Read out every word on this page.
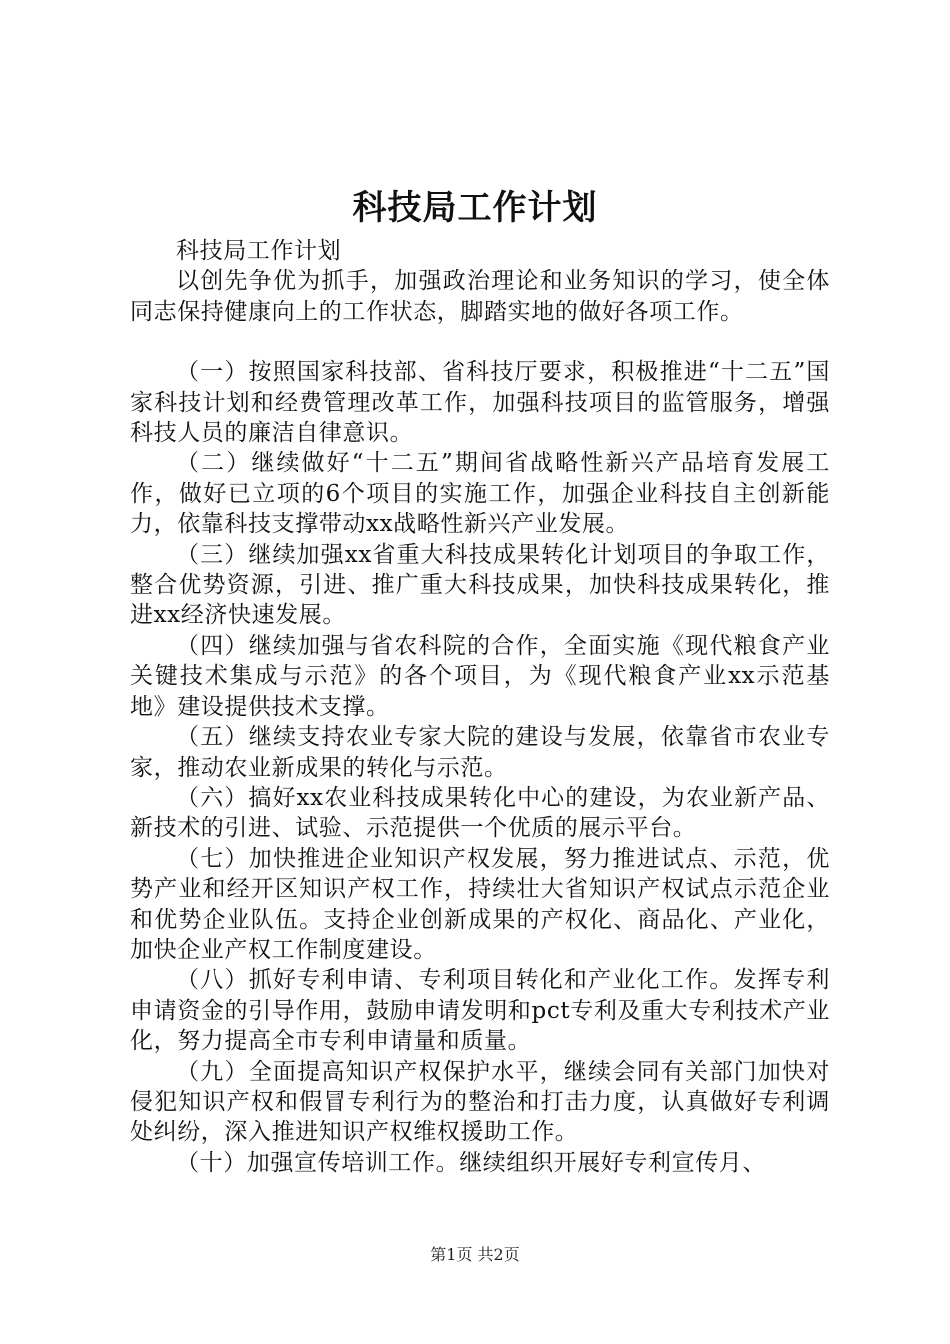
科技局工作计划

科技局工作计划

以创先争优为抓手，加强政治理论和业务知识的学习，使全体同志保持健康向上的工作状态，脚踏实地的做好各项工作。

（一）按照国家科技部、省科技厅要求，积极推进“十二五”国家科技计划和经费管理改革工作，加强科技项目的监管服务，增强科技人员的廉洁自律意识。

（二）继续做好“十二五”期间省战略性新兴产品培育发展工作，做好已立项的6个项目的实施工作，加强企业科技自主创新能力，依靠科技支撑带动xx战略性新兴产业发展。

（三）继续加强xx省重大科技成果转化计划项目的争取工作，整合优势资源，引进、推广重大科技成果，加快科技成果转化，推进xx经济快速发展。

（四）继续加强与省农科院的合作，全面实施《现代粮食产业关键技术集成与示范》的各个项目，为《现代粮食产业xx示范基地》建设提供技术支撑。

（五）继续支持农业专家大院的建设与发展，依靠省市农业专家，推动农业新成果的转化与示范。

（六）搞好xx农业科技成果转化中心的建设，为农业新产品、新技术的引进、试验、示范提供一个优质的展示平台。

（七）加快推进企业知识产权发展，努力推进试点、示范，优势产业和经开区知识产权工作，持续壮大省知识产权试点示范企业和优势企业队伍。支持企业创新成果的产权化、商品化、产业化，加快企业产权工作制度建设。

（八）抓好专利申请、专利项目转化和产业化工作。发挥专利申请资金的引导作用，鼓励申请发明和pct专利及重大专利技术产业化，努力提高全市专利申请量和质量。

（九）全面提高知识产权保护水平，继续会同有关部门加快对侵犯知识产权和假冒专利行为的整治和打击力度，认真做好专利调处纠纷，深入推进知识产权维权援助工作。

（十）加强宣传培训工作。继续组织开展好专利宣传月、

第1页 共2页
